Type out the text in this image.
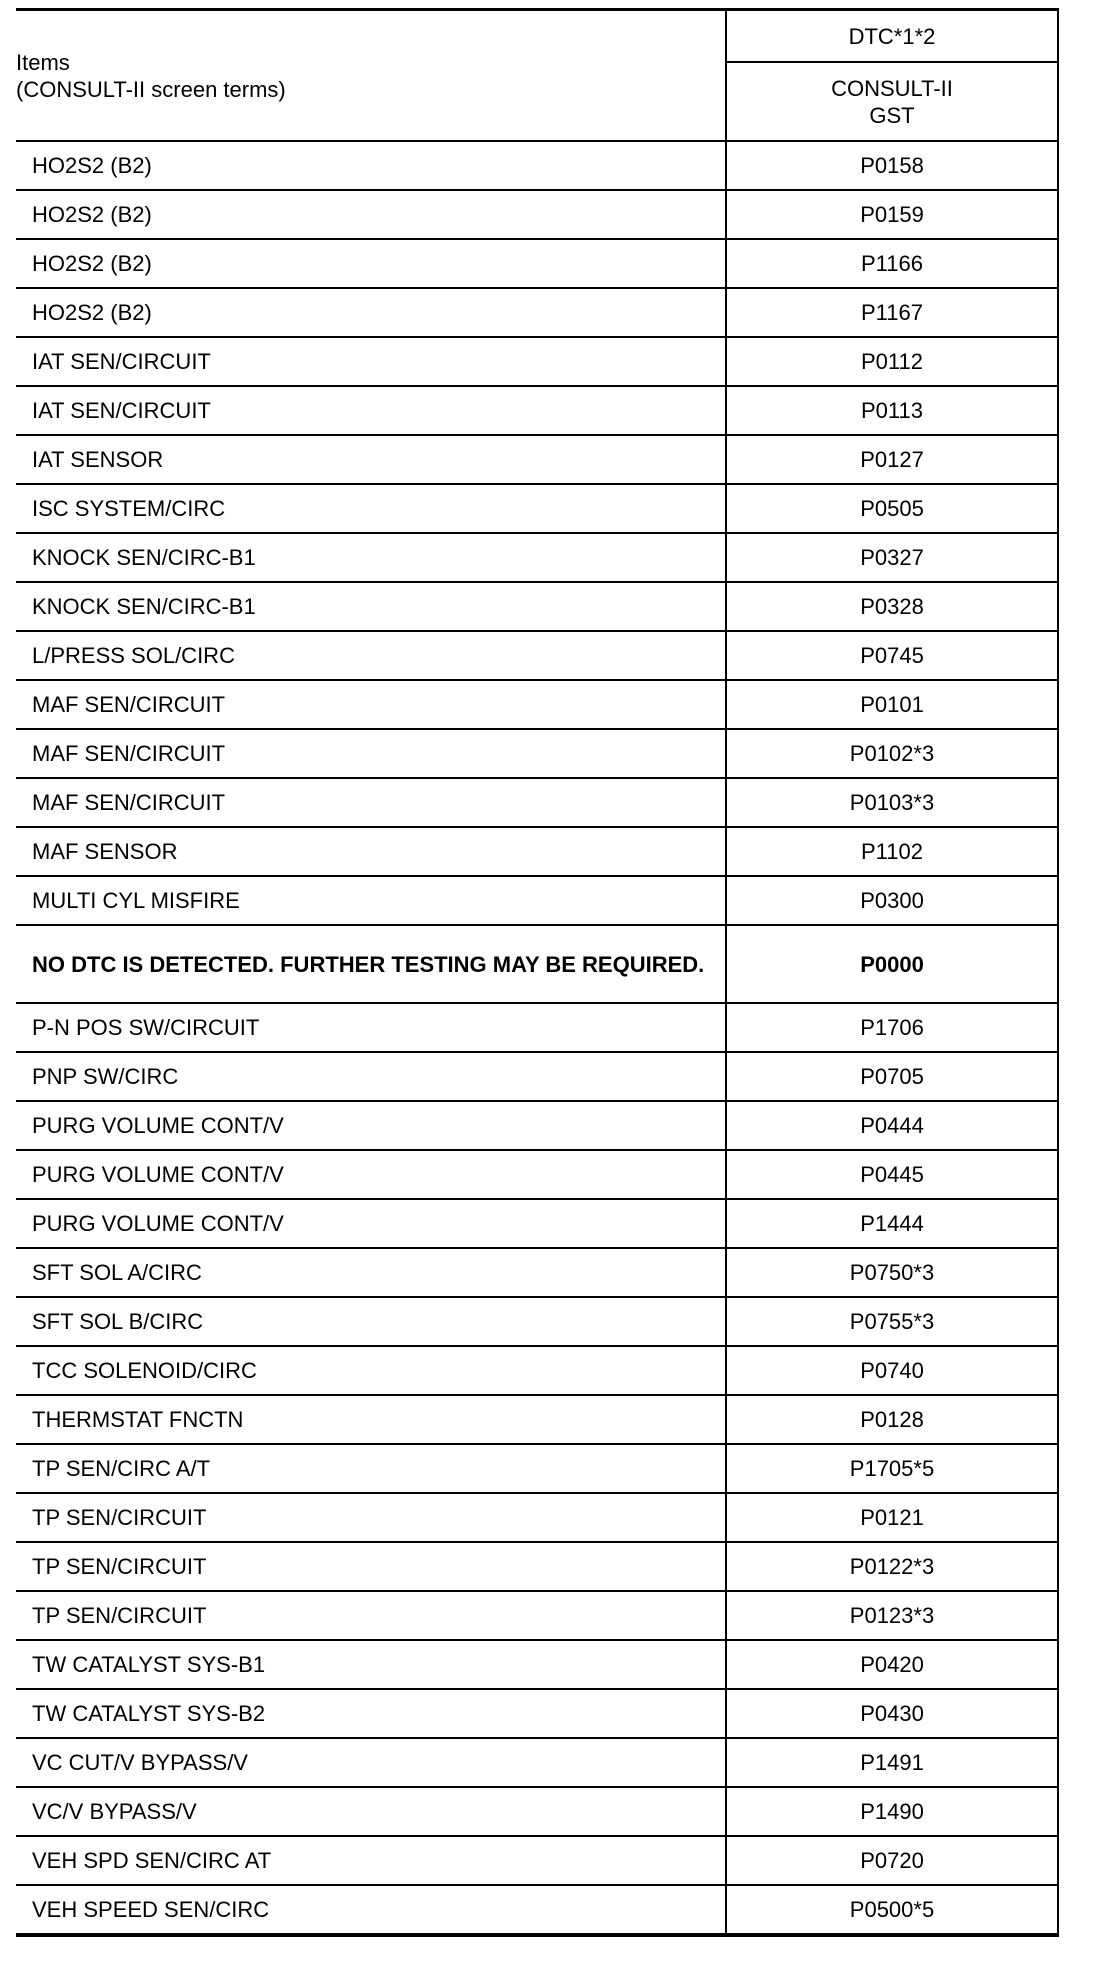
Items
(CONSULT-II screen terms)	DTC*1*2

	CONSULT-II
GST

HO2S2 (B2)	P0158
HO2S2 (B2)	P0159
HO2S2 (B2)	P1166
HO2S2 (B2)	P1167
IAT SEN/CIRCUIT	P0112
IAT SEN/CIRCUIT	P0113
IAT SENSOR	P0127
ISC SYSTEM/CIRC	P0505
KNOCK SEN/CIRC-B1	P0327
KNOCK SEN/CIRC-B1	P0328
L/PRESS SOL/CIRC	P0745
MAF SEN/CIRCUIT	P0101
MAF SEN/CIRCUIT	P0102*3
MAF SEN/CIRCUIT	P0103*3
MAF SENSOR	P1102
MULTI CYL MISFIRE	P0300
NO DTC IS DETECTED. FURTHER TESTING MAY BE REQUIRED.	P0000
P-N POS SW/CIRCUIT	P1706
PNP SW/CIRC	P0705
PURG VOLUME CONT/V	P0444
PURG VOLUME CONT/V	P0445
PURG VOLUME CONT/V	P1444
SFT SOL A/CIRC	P0750*3
SFT SOL B/CIRC	P0755*3
TCC SOLENOID/CIRC	P0740
THERMSTAT FNCTN	P0128
TP SEN/CIRC A/T	P1705*5
TP SEN/CIRCUIT	P0121
TP SEN/CIRCUIT	P0122*3
TP SEN/CIRCUIT	P0123*3
TW CATALYST SYS-B1	P0420
TW CATALYST SYS-B2	P0430
VC CUT/V BYPASS/V	P1491
VC/V BYPASS/V	P1490
VEH SPD SEN/CIRC AT	P0720
VEH SPEED SEN/CIRC	P0500*5
